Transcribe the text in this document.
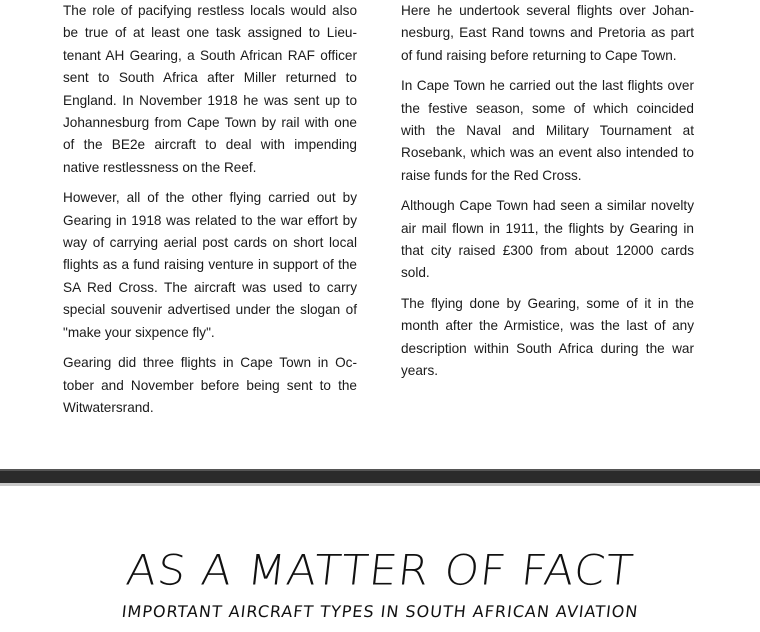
The role of pacifying restless locals would also be true of at least one task assigned to Lieutenant AH Gearing, a South African RAF officer sent to South Africa after Miller returned to England. In November 1918 he was sent up to Johannesburg from Cape Town by rail with one of the BE2e aircraft to deal with impending native restlessness on the Reef.

However, all of the other flying carried out by Gearing in 1918 was related to the war effort by way of carrying aerial post cards on short local flights as a fund raising venture in support of the SA Red Cross. The aircraft was used to carry special souvenir advertised under the slogan of "make your sixpence fly".

Gearing did three flights in Cape Town in October and November before being sent to the Witwatersrand.

Here he undertook several flights over Johannesburg, East Rand towns and Pretoria as part of fund raising before returning to Cape Town.

In Cape Town he carried out the last flights over the festive season, some of which coincided with the Naval and Military Tournament at Rosebank, which was an event also intended to raise funds for the Red Cross.

Although Cape Town had seen a similar novelty air mail flown in 1911, the flights by Gearing in that city raised £300 from about 12000 cards sold.

The flying done by Gearing, some of it in the month after the Armistice, was the last of any description within South Africa during the war years.

AS A MATTER OF FACT
IMPORTANT AIRCRAFT TYPES IN SOUTH AFRICAN AVIATION
